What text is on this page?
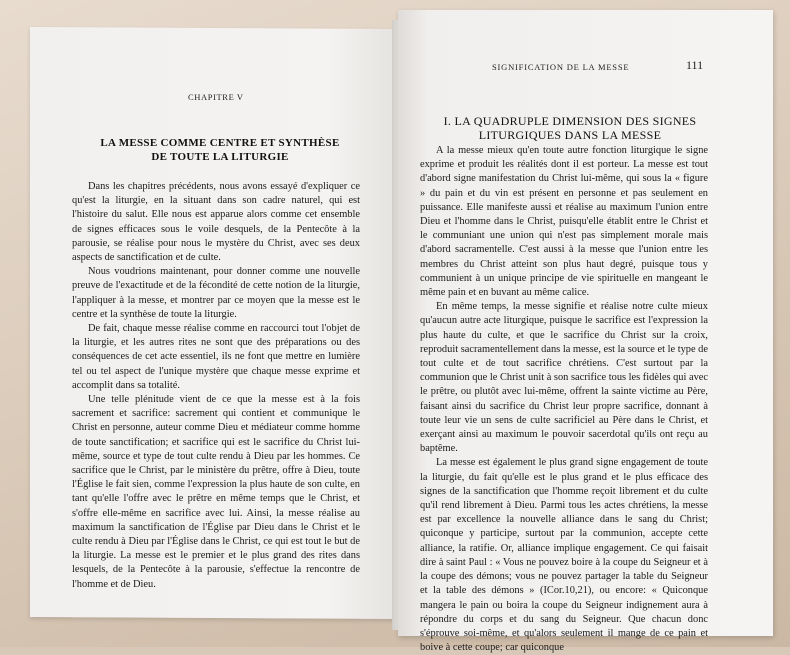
CHAPITRE V
LA MESSE COMME CENTRE ET SYNTHÈSE
DE TOUTE LA LITURGIE

Dans les chapitres précédents, nous avons essayé d'expliquer ce qu'est la liturgie, en la situant dans son cadre naturel, qui est l'histoire du salut. Elle nous est apparue alors comme cet ensemble de signes efficaces sous le voile desquels, de la Pentecôte à la parousie, se réalise pour nous le mystère du Christ, avec ses deux aspects de sanctification et de culte.

Nous voudrions maintenant, pour donner comme une nouvelle preuve de l'exactitude et de la fécondité de cette notion de la liturgie, l'appliquer à la messe, et montrer par ce moyen que la messe est le centre et la synthèse de toute la liturgie.

De fait, chaque messe réalise comme en raccourci tout l'objet de la liturgie, et les autres rites ne sont que des préparations ou des conséquences de cet acte essentiel, ils ne font que mettre en lumière tel ou tel aspect de l'unique mystère que chaque messe exprime et accomplit dans sa totalité.

Une telle plénitude vient de ce que la messe est à la fois sacrement et sacrifice: sacrement qui contient et communique le Christ en personne, auteur comme Dieu et médiateur comme homme de toute sanctification; et sacrifice qui est le sacrifice du Christ lui-même, source et type de tout culte rendu à Dieu par les hommes. Ce sacrifice que le Christ, par le ministère du prêtre, offre à Dieu, toute l'Église le fait sien, comme l'expression la plus haute de son culte, en tant qu'elle l'offre avec le prêtre en même temps que le Christ, et s'offre elle-même en sacrifice avec lui. Ainsi, la messe réalise au maximum la sanctification de l'Église par Dieu dans le Christ et le culte rendu à Dieu par l'Église dans le Christ, ce qui est tout le but de la liturgie. La messe est le premier et le plus grand des rites dans lesquels, de la Pentecôte à la parousie, s'effectue la rencontre de l'homme et de Dieu.

SIGNIFICATION DE LA MESSE	111
I. LA QUADRUPLE DIMENSION DES SIGNES
LITURGIQUES DANS LA MESSE

A la messe mieux qu'en toute autre fonction liturgique le signe exprime et produit les réalités dont il est porteur. La messe est tout d'abord signe manifestation du Christ lui-même, qui sous la « figure » du pain et du vin est présent en personne et pas seulement en puissance. Elle manifeste aussi et réalise au maximum l'union entre Dieu et l'homme dans le Christ, puisqu'elle établit entre le Christ et le communiant une union qui n'est pas simplement morale mais d'abord sacramentelle. C'est aussi à la messe que l'union entre les membres du Christ atteint son plus haut degré, puisque tous y communient à un unique principe de vie spirituelle en mangeant le même pain et en buvant au même calice.

En même temps, la messe signifie et réalise notre culte mieux qu'aucun autre acte liturgique, puisque le sacrifice est l'expression la plus haute du culte, et que le sacrifice du Christ sur la croix, reproduit sacramentellement dans la messe, est la source et le type de tout culte et de tout sacrifice chrétiens. C'est surtout par la communion que le Christ unit à son sacrifice tous les fidèles qui avec le prêtre, ou plutôt avec lui-même, offrent la sainte victime au Père, faisant ainsi du sacrifice du Christ leur propre sacrifice, donnant à toute leur vie un sens de culte sacrificiel au Père dans le Christ, et exerçant ainsi au maximum le pouvoir sacerdotal qu'ils ont reçu au baptême.

La messe est également le plus grand signe engagement de toute la liturgie, du fait qu'elle est le plus grand et le plus efficace des signes de la sanctification que l'homme reçoit librement et du culte qu'il rend librement à Dieu. Parmi tous les actes chrétiens, la messe est par excellence la nouvelle alliance dans le sang du Christ; quiconque y participe, surtout par la communion, accepte cette alliance, la ratifie. Or, alliance implique engagement. Ce qui faisait dire à saint Paul : « Vous ne pouvez boire à la coupe du Seigneur et à la coupe des démons; vous ne pouvez partager la table du Seigneur et la table des démons » (ICor.10,21), ou encore: « Quiconque mangera le pain ou boira la coupe du Seigneur indignement aura à répondre du corps et du sang du Seigneur. Que chacun donc s'éprouve soi-même, et qu'alors seulement il mange de ce pain et boive à cette coupe; car quiconque
